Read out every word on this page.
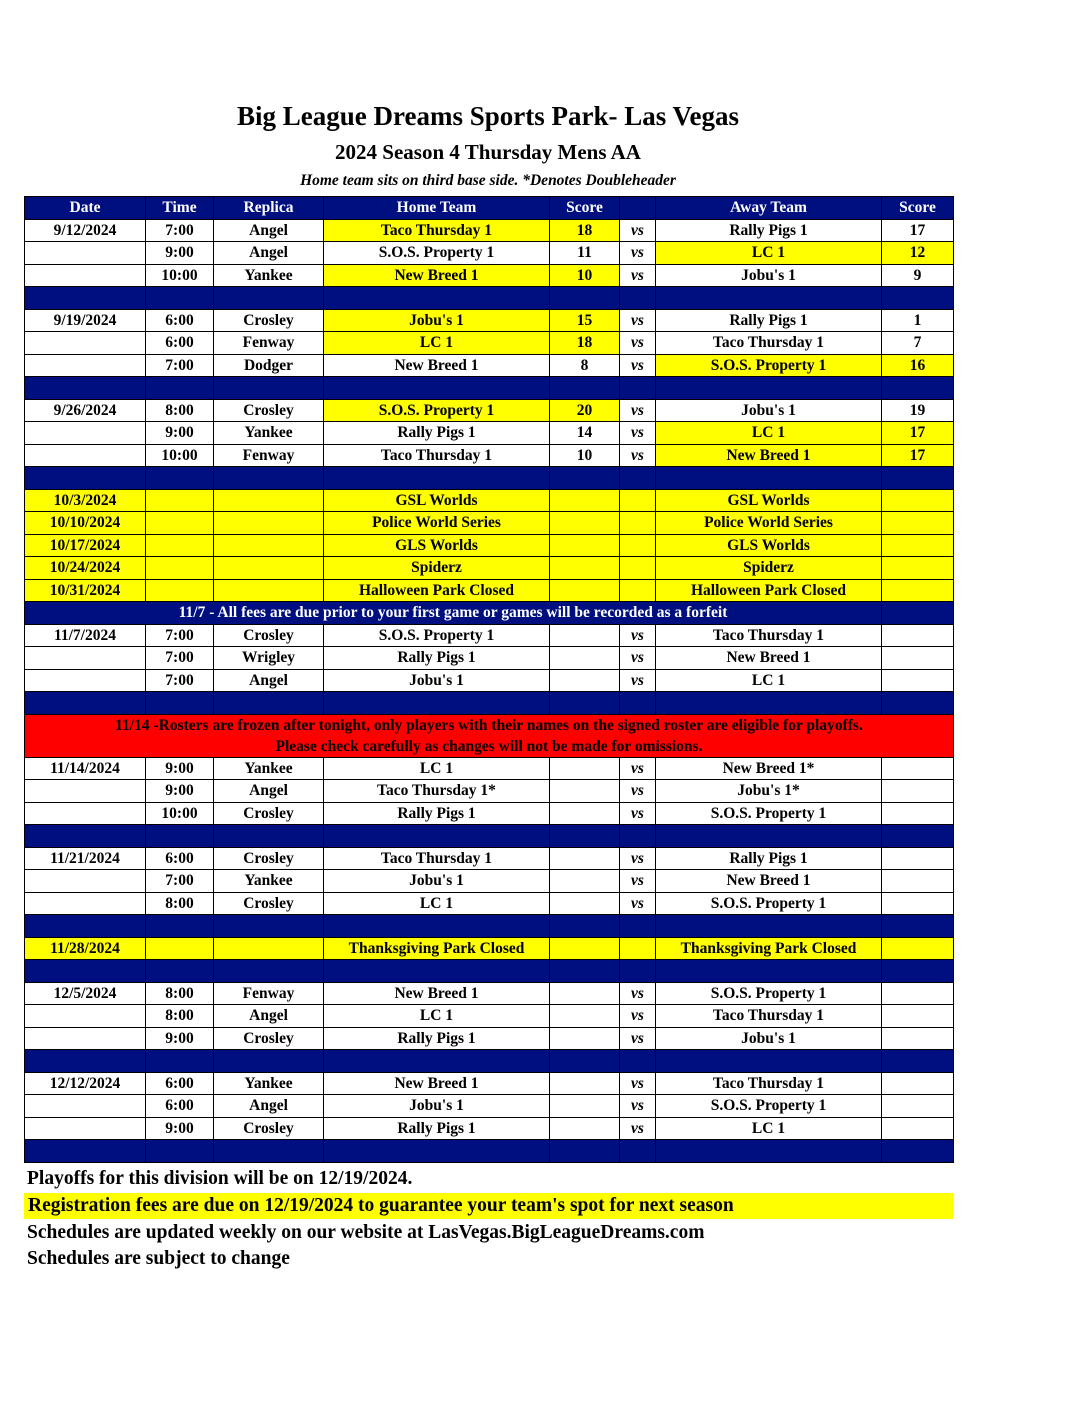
Big League Dreams Sports Park- Las Vegas
2024 Season 4 Thursday Mens AA
Home team sits on third base side. *Denotes Doubleheader
Date	Time	Replica	Home Team	Score		Away Team	Score
9/12/2024	7:00	Angel	Taco Thursday 1	18	vs	Rally Pigs 1	17
	9:00	Angel	S.O.S. Property 1	11	vs	LC 1	12
	10:00	Yankee	New Breed 1	10	vs	Jobu's 1	9

9/19/2024	6:00	Crosley	Jobu's 1	15	vs	Rally Pigs 1	1
	6:00	Fenway	LC 1	18	vs	Taco Thursday 1	7
	7:00	Dodger	New Breed 1	8	vs	S.O.S. Property 1	16

9/26/2024	8:00	Crosley	S.O.S. Property 1	20	vs	Jobu's 1	19
	9:00	Yankee	Rally Pigs 1	14	vs	LC 1	17
	10:00	Fenway	Taco Thursday 1	10	vs	New Breed 1	17

10/3/2024			GSL Worlds			GSL Worlds	
10/10/2024			Police World Series			Police World Series	
10/17/2024			GLS Worlds			GLS Worlds	
10/24/2024			Spiderz			Spiderz	
10/31/2024			Halloween Park Closed			Halloween Park Closed	
11/7 - All fees are due prior to your first game or games will be recorded as a forfeit							
11/7/2024	7:00	Crosley	S.O.S. Property 1		vs	Taco Thursday 1	
	7:00	Wrigley	Rally Pigs 1		vs	New Breed 1	
	7:00	Angel	Jobu's 1		vs	LC 1	

11/14 -Rosters are frozen after tonight, only players with their names on the signed roster are eligible for playoffs.
Please check carefully as changes will not be made for omissions.							

11/14/2024	9:00	Yankee	LC 1		vs	New Breed 1*	
	9:00	Angel	Taco Thursday 1*		vs	Jobu's 1*	
	10:00	Crosley	Rally Pigs 1		vs	S.O.S. Property 1	

11/21/2024	6:00	Crosley	Taco Thursday 1		vs	Rally Pigs 1	
	7:00	Yankee	Jobu's 1		vs	New Breed 1	
	8:00	Crosley	LC 1		vs	S.O.S. Property 1	

11/28/2024			Thanksgiving Park Closed			Thanksgiving Park Closed	

12/5/2024	8:00	Fenway	New Breed 1		vs	S.O.S. Property 1	
	8:00	Angel	LC 1		vs	Taco Thursday 1	
	9:00	Crosley	Rally Pigs 1		vs	Jobu's 1	

12/12/2024	6:00	Yankee	New Breed 1		vs	Taco Thursday 1	
	6:00	Angel	Jobu's 1		vs	S.O.S. Property 1	
	9:00	Crosley	Rally Pigs 1		vs	LC 1	

Playoffs for this division will be on 12/19/2024.
Registration fees are due on 12/19/2024 to guarantee your team's spot for next season
Schedules are updated weekly on our website at LasVegas.BigLeagueDreams.com
Schedules are subject to change
